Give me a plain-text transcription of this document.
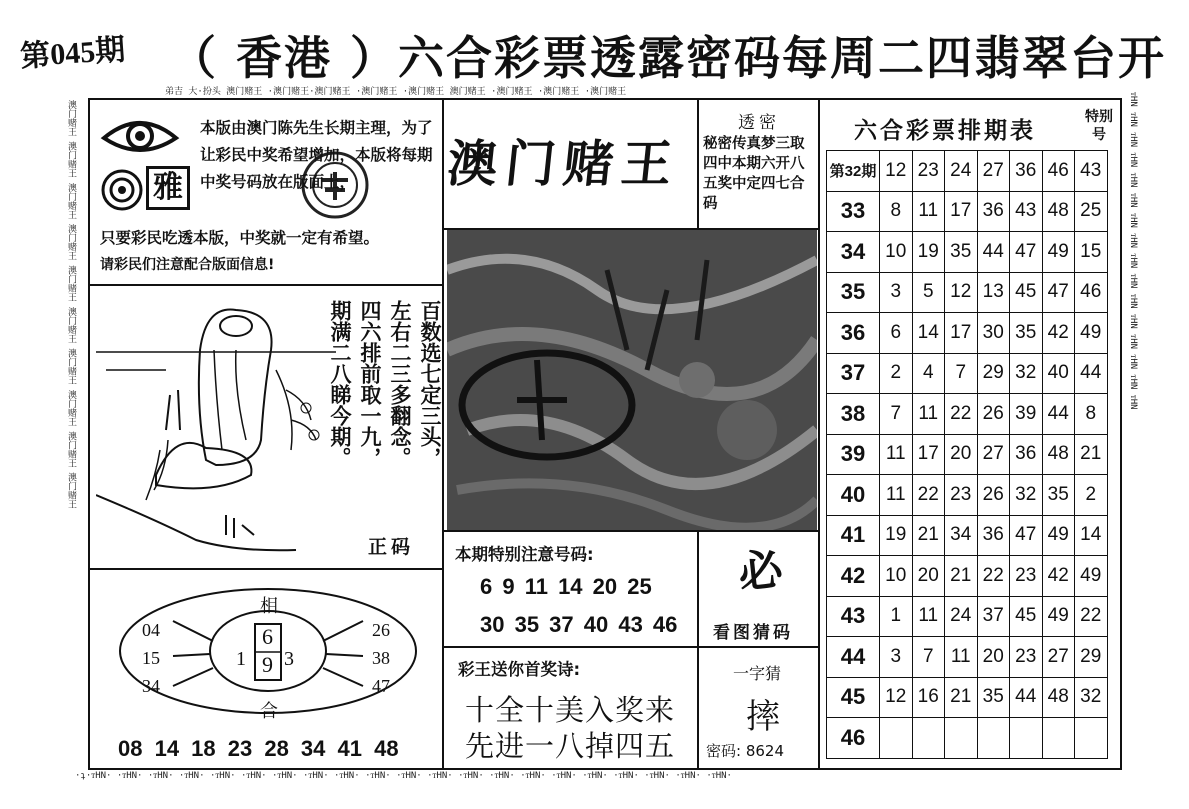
第045期 （ 香港 ）六合彩票透露密码每周二四翡翠台开
弟吉 大·扮头 澳门赌王 ·澳门赌王·澳门赌王 ·澳门赌王 ·澳门赌王 澳门赌王 ·澳门赌王 ·澳门赌王 ·澳门赌王
·ʇ·ᴛHN· ·ᴛHN· ·ᴛHN· ·ᴛHN· ·ᴛHN· ·ᴛHN· ·ᴛHN· ·ᴛHN· ·ᴛHN· ·ᴛHN· ·ᴛHN· ·ᴛHN· ·ᴛHN· ·ᴛHN· ·ᴛHN· ·ᴛHN· ·ᴛHN· ·ᴛHN· ·ᴛHN· ·ᴛHN· ·ᴛHN·
澳门赌王 澳门赌王 澳门赌王 澳门赌王 澳门赌王 澳门赌王 澳门赌王 澳门赌王 澳门赌王 澳门赌王	ᴛHN ᴛHN ᴛHN ᴛHN ᴛHN ᴛHN ᴛHN ᴛHN ᴛHN ᴛHN ᴛHN ᴛHN ᴛHN ᴛHN ᴛHN ᴛHN
雅
本版由澳门陈先生长期主理，为了让彩民中奖希望增加，本版将每期中奖号码放在版面上，
只要彩民吃透本版，中奖就一定有希望。
请彩民们注意配合版面信息!
百数选七定三头，
左右二三多翻念。
四六排前取一九，
期满二八睇今期。
正码
相
合
04
15
34
26
38
47
1
6
9 3
08 14 18 23 28 34 41 48
澳门赌王
透密
秘密传真梦三取四中本期六开八五奖中定四七合码
本期特别注意号码:
6 9 11 14 20 25
30 35 37 40 43 46
必
看图猜码
彩王送你首奖诗:
十全十美入奖来
先进一八掉四五
一字猜
摔
密码: 8624
六合彩票排期表
特别号
第32期	12	23	24	27	36	46	43
33	8	11	17	36	43	48	25
34	10	19	35	44	47	49	15
35	3	5	12	13	45	47	46
36	6	14	17	30	35	42	49
37	2	4	7	29	32	40	44
38	7	11	22	26	39	44	8
39	11	17	20	27	36	48	21
40	11	22	23	26	32	35	2
41	19	21	34	36	47	49	14
42	10	20	21	22	23	42	49
43	1	11	24	37	45	49	22
44	3	7	11	20	23	27	29
45	12	16	21	35	44	48	32
46							
